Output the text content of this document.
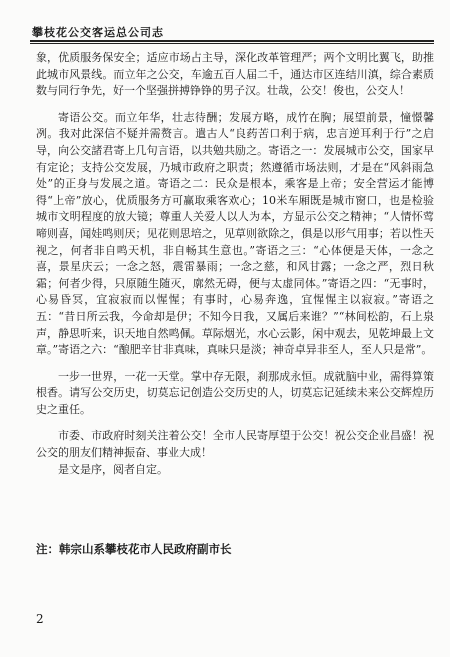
攀枝花公交客运总公司志

象，优质服务保安全；适应市场占主导，深化改革管理严；两个文明比翼飞，助推此城市风景线。而立年之公交，车逾五百人届二千，通达市区连结川滇，综合素质数与同行争先，好一个坚强拼搏铮铮的男子汉。壮哉，公交！俊也，公交人！

寄语公交。而立年华，壮志待酬；发展方略，成竹在胸；展望前景，憧憬馨冽。我对此深信不疑并需赘言。遣古人“良药苦口利于病，忠言逆耳利于行”之启导，向公交諸君寄上几句言语，以共勉共励之。寄语之一：发展城市公交，国家早有定论；支持公交发展，乃城市政府之职责；然遵循市场法则，才是在“风斜雨急处”的正身与发展之道。寄语之二：民众是根本，乘客是上帝；安全营运才能博得“上帝”放心，优质服务方可赢取乘客欢心；10米车厢既是城市窗口，也是检验城市文明程度的放大镜；尊重人关爱人以人为本，方显示公交之精神；“人情怀莺啼则喜，闻娃鸣则厌；见花则思培之，见草则欲除之，俱是以形气用事；若以性天视之，何者非自鸣天机，非自畅其生意也。”寄语之三：“心体便是天体，一念之喜，景星庆云；一念之怒，震雷暴雨；一念之慈，和风甘露；一念之严，烈日秋霜；何者少得，只原随生随灭，廓然无碍，便与太虚同体。”寄语之四：“无事时，心易昏冥，宜寂寂而以惺惺；有事时，心易奔逸，宜惺惺主以寂寂。”寄语之五：“昔日所云我，今命却是伊；不知今日我，又属后来谁？”“林间松韵，石上泉声，静思听来，识天地自然鸣佩。草际烟光，水心云影，闲中观去，见乾坤最上文章。”寄语之六：“酿肥辛甘非真味，真味只是淡；神奇卓异非至人，至人只是常”。

一步一世界，一花一天堂。掌中存无限，刹那成永恒。成就脑中业，需得算策根香。请写公交历史，切莫忘记创造公交历史的人，切莫忘记延续未来公交辉煌历史之重任。

市委、市政府时刻关注着公交！全市人民寄厚望于公交！祝公交企业昌盛！祝公交的朋友们精神振奋、事业大成！

是文是序，阅者自定。

注：韩宗山系攀枝花市人民政府副市长
2
